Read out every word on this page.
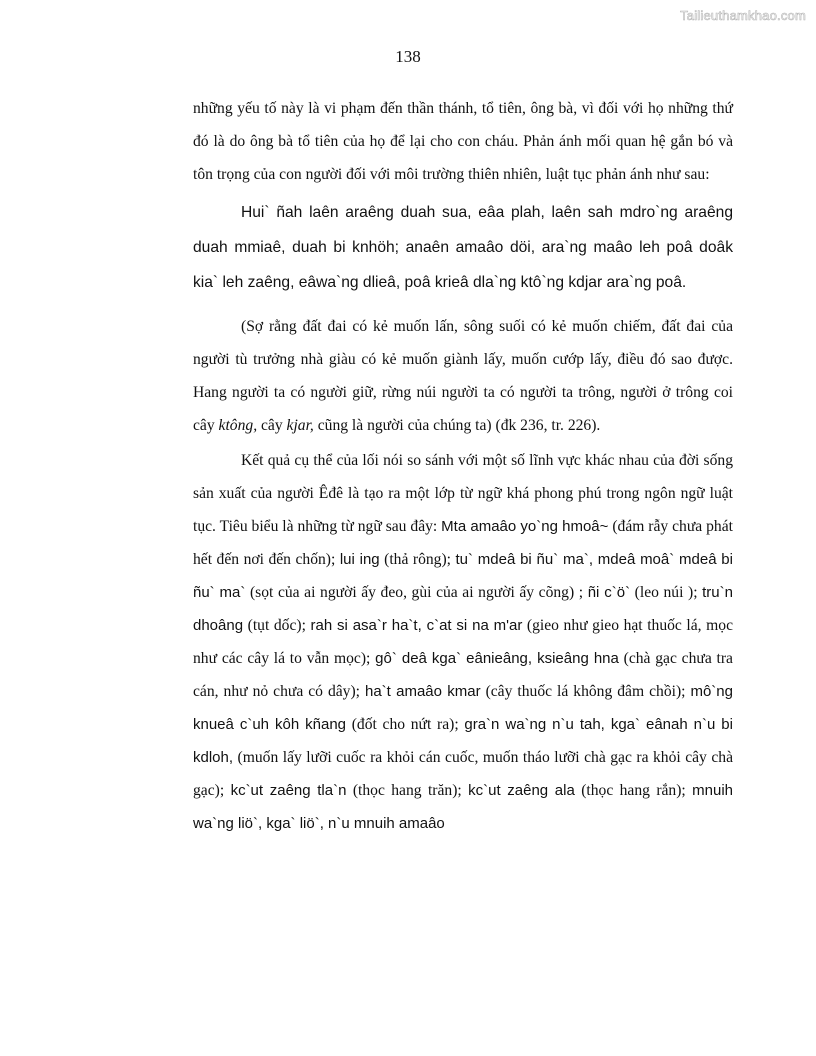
Tailieuthamkhao.com
138

những yếu tố này là vi phạm đến thần thánh, tổ tiên, ông bà, vì đối với họ những thứ đó là do ông bà tổ tiên của họ để lại cho con cháu. Phản ánh mối quan hệ gắn bó và tôn trọng của con người đối với môi trường thiên nhiên, luật tục phản ánh như sau:

Hui` ñah laên araêng duah sua, eâa plah, laên sah mdro`ng araêng duah mmiaê, duah bi knhöh; anaên amaâo döi, ara`ng maâo leh poâ doâk kia` leh zaêng, eâwa`ng dlieâ, poâ krieâ dla`ng ktô`ng kdjar ara`ng poâ.

(Sợ rằng đất đai có kẻ muốn lấn, sông suối có kẻ muốn chiếm, đất đai của người tù trưởng nhà giàu có kẻ muốn giành lấy, muốn cướp lấy, điều đó sao được. Hang người ta có người giữ, rừng núi người ta có người ta trông, người ở trông coi cây ktông, cây kjar, cũng là người của chúng ta) (đk 236, tr. 226).

Kết quả cụ thể của lối nói so sánh với một số lĩnh vực khác nhau của đời sống sản xuất của người Êđê là tạo ra một lớp từ ngữ khá phong phú trong ngôn ngữ luật tục. Tiêu biểu là những từ ngữ sau đây: Mta amaâo yo`ng hmoâ~ (đám rẫy chưa phát hết đến nơi đến chốn); lui ing (thả rông); tu` mdeâ bi ñu` ma`, mdeâ moâ` mdeâ bi ñu` ma` (sọt của ai người ấy đeo, gùi của ai người ấy cõng) ; ñi c`ö` (leo núi ); tru`n dhoâng (tụt dốc); rah si asa`r ha`t, c`at si na m'ar (gieo như gieo hạt thuốc lá, mọc như các cây lá to vẫn mọc); gô` deâ kga` eânieâng, ksieâng hna (chà gạc chưa tra cán, như nỏ chưa có dây); ha`t amaâo kmar (cây thuốc lá không đâm chồi); mô`ng knueâ c`uh kôh kñang (đốt cho nứt ra); gra`n wa`ng n`u tah, kga` eânah n`u bi kdloh, (muốn lấy lưỡi cuốc ra khỏi cán cuốc, muốn tháo lưỡi chà gạc ra khỏi cây chà gạc); kc`ut zaêng tla`n (thọc hang trăn); kc`ut zaêng ala (thọc hang rắn); mnuih wa`ng liö`, kga` liö`, n`u mnuih amaâo
